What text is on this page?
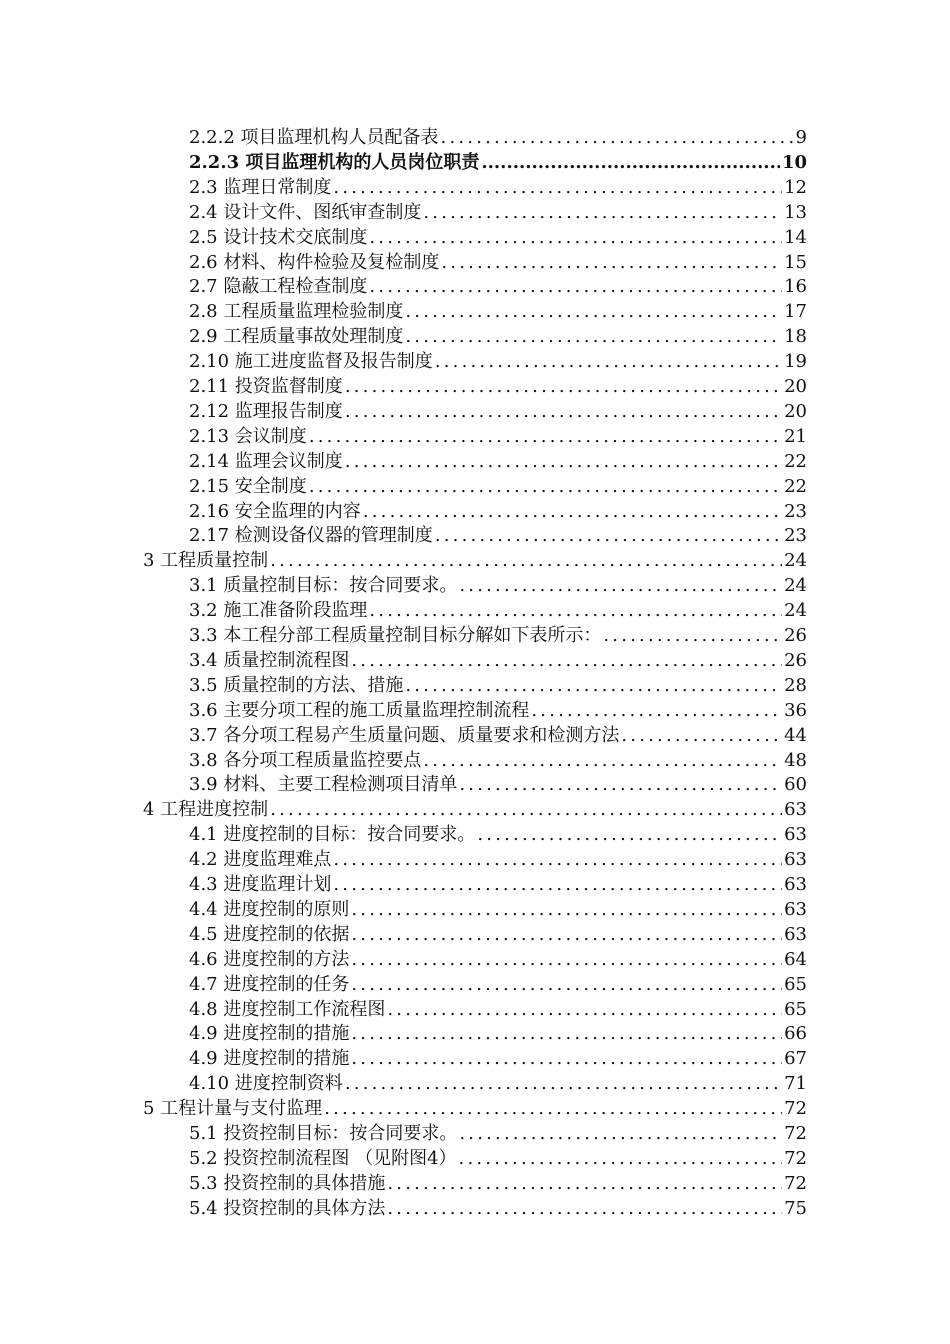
2.2.2 项目监理机构人员配备表 .....	9
2.2.3 项目监理机构的人员岗位职责 .....	10
2.3 监理日常制度 .....	12
2.4 设计文件、图纸审查制度 .....	13
2.5 设计技术交底制度 .....	14
2.6 材料、构件检验及复检制度 .....	15
2.7 隐蔽工程检查制度 .....	16
2.8 工程质量监理检验制度 .....	17
2.9 工程质量事故处理制度 .....	18
2.10 施工进度监督及报告制度 .....	19
2.11 投资监督制度 .....	20
2.12 监理报告制度 .....	20
2.13 会议制度 .....	21
2.14 监理会议制度 .....	22
2.15 安全制度 .....	22
2.16 安全监理的内容 .....	23
2.17 检测设备仪器的管理制度 .....	23
3 工程质量控制 .....	24
3.1 质量控制目标：按合同要求。 .....	24
3.2 施工准备阶段监理 .....	24
3.3 本工程分部工程质量控制目标分解如下表所示： .....	26
3.4 质量控制流程图 .....	26
3.5 质量控制的方法、措施 .....	28
3.6 主要分项工程的施工质量监理控制流程 .....	36
3.7 各分项工程易产生质量问题、质量要求和检测方法 .....	44
3.8 各分项工程质量监控要点 .....	48
3.9 材料、主要工程检测项目清单 .....	60
4 工程进度控制 .....	63
4.1 进度控制的目标：按合同要求。 .....	63
4.2 进度监理难点 .....	63
4.3 进度监理计划 .....	63
4.4 进度控制的原则 .....	63
4.5 进度控制的依据 .....	63
4.6 进度控制的方法 .....	64
4.7 进度控制的任务 .....	65
4.8 进度控制工作流程图 .....	65
4.9 进度控制的措施 .....	66
4.9 进度控制的措施 .....	67
4.10 进度控制资料 .....	71
5 工程计量与支付监理 .....	72
5.1 投资控制目标：按合同要求。 .....	72
5.2 投资控制流程图 （见附图4） .....	72
5.3 投资控制的具体措施 .....	72
5.4 投资控制的具体方法 .....	75
